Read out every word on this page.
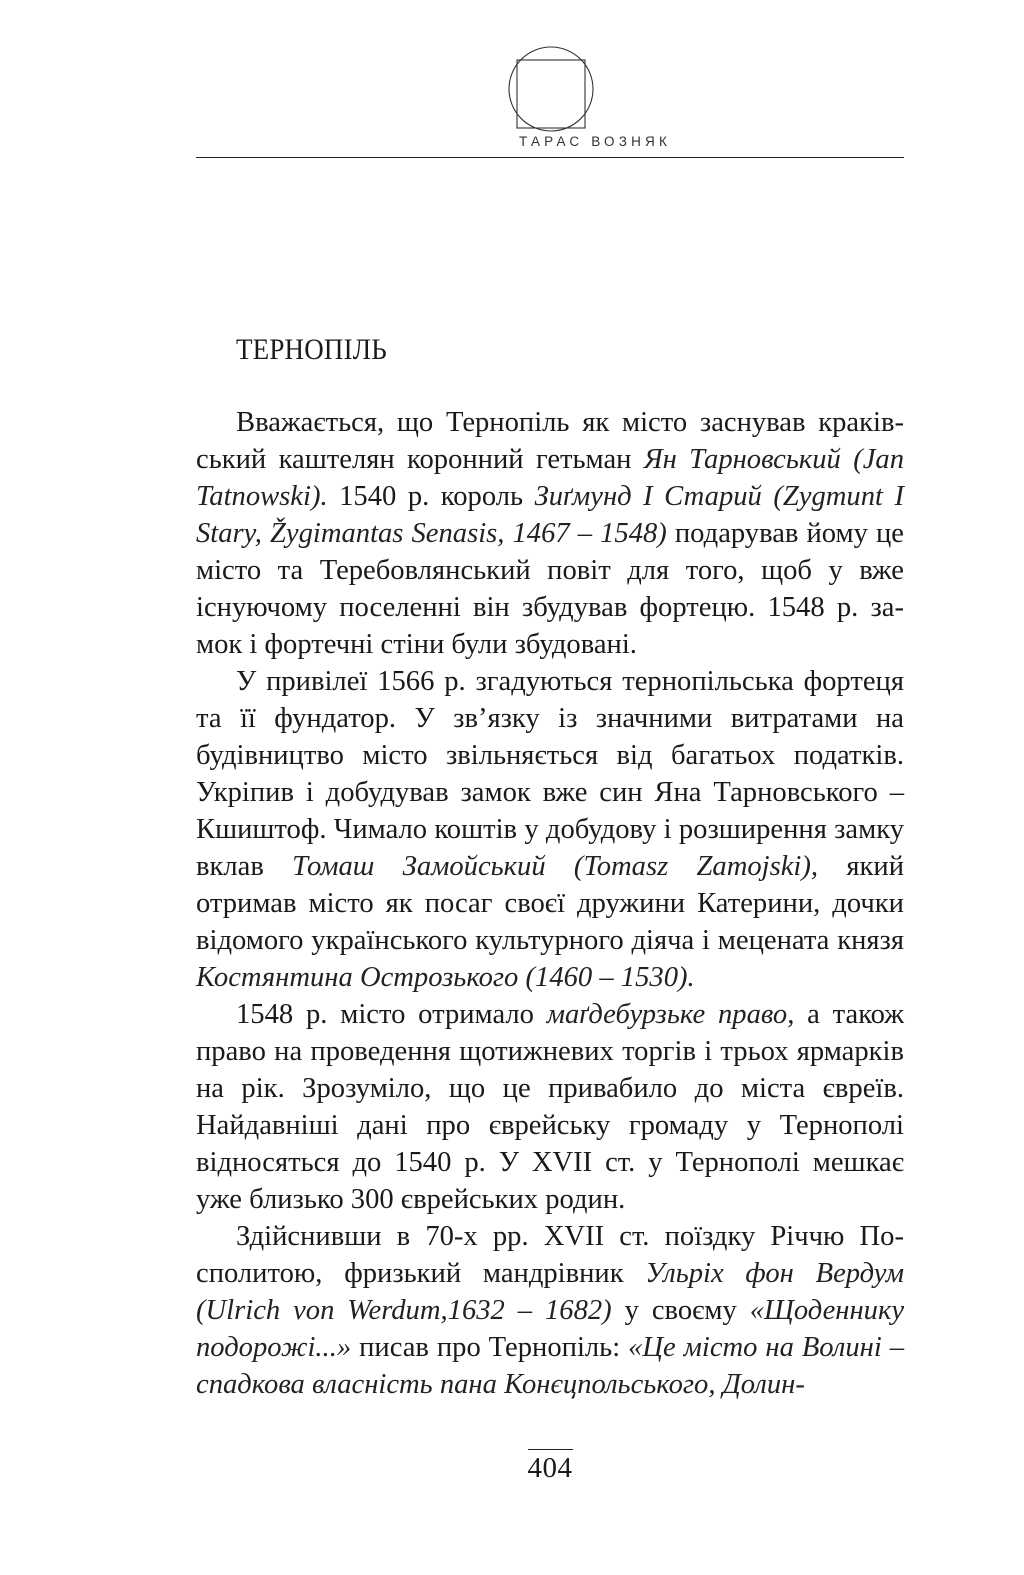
ТАРАС ВОЗНЯК
ТЕРНОПІЛЬ

Вважається, що Тернопіль як місто заснував краківський каштелян коронний гетьман Ян Тарновський (Jan Tatnowski). 1540 р. король Зиґмунд І Старий (Zygmunt I Stary, Žygimantas Senasis, 1467 – 1548) подарував йому це місто та Теребовлянський повіт для того, щоб у вже існуючому поселенні він збудував фортецю. 1548 р. замок і фортечні стіни були збудовані.

У привілеї 1566 р. згадуються тернопільська фортеця та її фундатор. У зв’язку із значними витратами на будівництво місто звільняється від багатьох податків. Укріпив і добудував замок вже син Яна Тарновського – Кшиштоф. Чимало коштів у добудову і розширення замку вклав Томаш Замойський (Tomasz Zamojski), який отримав місто як посаг своєї дружини Катерини, дочки відомого українського культурного діяча і мецената князя Костянтина Острозького (1460 – 1530).

1548 р. місто отримало маґдебурзьке право, а також право на проведення щотижневих торгів і трьох ярмарків на рік. Зрозуміло, що це привабило до міста євреїв. Найдавніші дані про єврейську громаду у Тернополі відносяться до 1540 р. У XVII ст. у Тернополі мешкає уже близько 300 єврейських родин.

Здійснивши в 70-х рр. XVII ст. поїздку Річчю Посполитою, фризький мандрівник Ульріх фон Вердум (Ulrich von Werdum,1632 – 1682) у своєму «Щоденнику подорожі...» писав про Тернопіль: «Це місто на Волині – спадкова власність пана Конєцпольського, Долин-

404
